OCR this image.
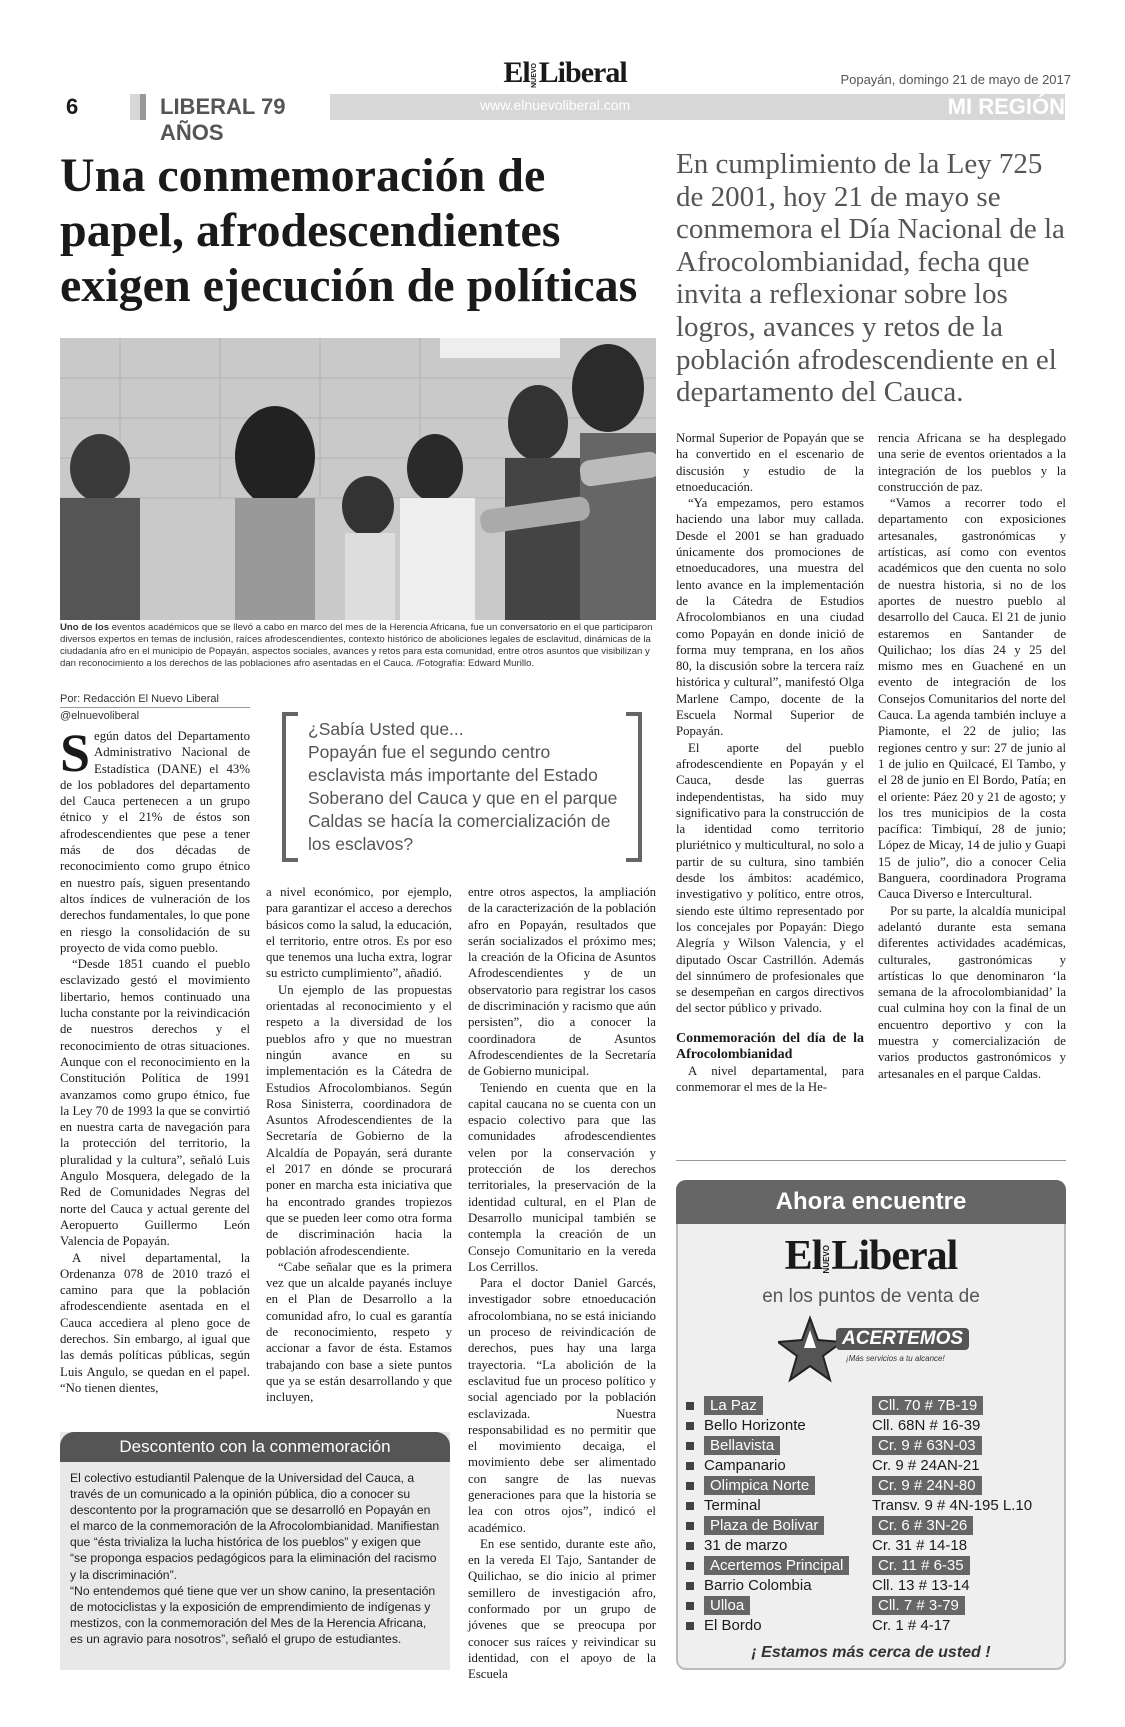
ElNUEVOLiberal	Popayán, domingo 21 de mayo de 2017
6	LIBERAL 79 AÑOS
www.elnuevoliberal.com	MI REGIÓN
Una conmemoración de papel, afrodescendientes exigen ejecución de políticas
En cumplimiento de la Ley 725 de 2001, hoy 21 de mayo se conmemora el Día Nacional de la Afrocolombianidad, fecha que invita a reflexionar sobre los logros, avances y retos de la población afrodescendiente en el departamento del Cauca.
Uno de los eventos académicos que se llevó a cabo en marco del mes de la Herencia Africana, fue un conversatorio en el que participaron diversos expertos en temas de inclusión, raíces afrodescendientes, contexto histórico de aboliciones legales de esclavitud, dinámicas de la ciudadanía afro en el municipio de Popayán, aspectos sociales, avances y retos para esta comunidad, entre otros asuntos que visibilizan y dan reconocimiento a los derechos de las poblaciones afro asentadas en el Cauca. /Fotografía: Edward Murillo.
Por: Redacción El Nuevo Liberal
@elnuevoliberal

Según datos del Departamento Administrativo Nacional de Estadística (DANE) el 43% de los pobladores del departamento del Cauca pertenecen a un grupo étnico y el 21% de éstos son afrodescendientes que pese a tener más de dos décadas de reconocimiento como grupo étnico en nuestro país, siguen presentando altos índices de vulneración de los derechos fundamentales, lo que pone en riesgo la consolidación de su proyecto de vida como pueblo.

“Desde 1851 cuando el pueblo esclavizado gestó el movimiento libertario, hemos continuado una lucha constante por la reivindicación de nuestros derechos y el reconocimiento de otras situaciones. Aunque con el reconocimiento en la Constitución Política de 1991 avanzamos como grupo étnico, fue la Ley 70 de 1993 la que se convirtió en nuestra carta de navegación para la protección del territorio, la pluralidad y la cultura”, señaló Luis Angulo Mosquera, delegado de la Red de Comunidades Negras del norte del Cauca y actual gerente del Aeropuerto Guillermo León Valencia de Popayán.

A nivel departamental, la Ordenanza 078 de 2010 trazó el camino para que la población afrodescendiente asentada en el Cauca accediera al pleno goce de derechos. Sin embargo, al igual que las demás políticas públicas, según Luis Angulo, se quedan en el papel. “No tienen dientes,

¿Sabía Usted que...
Popayán fue el segundo centro esclavista más importante del Estado Soberano del Cauca y que en el parque Caldas se hacía la comercialización de los esclavos?

a nivel económico, por ejemplo, para garantizar el acceso a derechos básicos como la salud, la educación, el territorio, entre otros. Es por eso que tenemos una lucha extra, lograr su estricto cumplimiento”, añadió.

Un ejemplo de las propuestas orientadas al reconocimiento y el respeto a la diversidad de los pueblos afro y que no muestran ningún avance en su implementación es la Cátedra de Estudios Afrocolombianos. Según Rosa Sinisterra, coordinadora de Asuntos Afrodescendientes de la Secretaría de Gobierno de la Alcaldía de Popayán, será durante el 2017 en dónde se procurará poner en marcha esta iniciativa que ha encontrado grandes tropiezos que se pueden leer como otra forma de discriminación hacia la población afrodescendiente.

“Cabe señalar que es la primera vez que un alcalde payanés incluye en el Plan de Desarrollo a la comunidad afro, lo cual es garantía de reconocimiento, respeto y accionar a favor de ésta. Estamos trabajando con base a siete puntos que ya se están desarrollando y que incluyen,

entre otros aspectos, la ampliación de la caracterización de la población afro en Popayán, resultados que serán socializados el próximo mes; la creación de la Oficina de Asuntos Afrodescendientes y de un observatorio para registrar los casos de discriminación y racismo que aún persisten”, dio a conocer la coordinadora de Asuntos Afrodescendientes de la Secretaría de Gobierno municipal.

Teniendo en cuenta que en la capital caucana no se cuenta con un espacio colectivo para que las comunidades afrodescendientes velen por la conservación y protección de los derechos territoriales, la preservación de la identidad cultural, en el Plan de Desarrollo municipal también se contempla la creación de un Consejo Comunitario en la vereda Los Cerrillos.

Para el doctor Daniel Garcés, investigador sobre etnoeducación afrocolombiana, no se está iniciando un proceso de reivindicación de derechos, pues hay una larga trayectoria. “La abolición de la esclavitud fue un proceso político y social agenciado por la población esclavizada. Nuestra responsabilidad es no permitir que el movimiento decaiga, el movimiento debe ser alimentado con sangre de las nuevas generaciones para que la historia se lea con otros ojos”, indicó el académico.

En ese sentido, durante este año, en la vereda El Tajo, Santander de Quilichao, se dio inicio al primer semillero de investigación afro, conformado por un grupo de jóvenes que se preocupa por conocer sus raíces y reivindicar su identidad, con el apoyo de la Escuela

Descontento con la conmemoración

El colectivo estudiantil Palenque de la Universidad del Cauca, a través de un comunicado a la opinión pública, dio a conocer su descontento por la programación que se desarrolló en Popayán en el marco de la conmemoración de la Afrocolombianidad. Manifiestan que “ésta trivializa la lucha histórica de los pueblos” y exigen que “se proponga espacios pedagógicos para la eliminación del racismo y la discriminación”.

“No entendemos qué tiene que ver un show canino, la presentación de motociclistas y la exposición de emprendimiento de indígenas y mestizos, con la conmemoración del Mes de la Herencia Africana, es un agravio para nosotros”, señaló el grupo de estudiantes.

Normal Superior de Popayán que se ha convertido en el escenario de discusión y estudio de la etnoeducación.

“Ya empezamos, pero estamos haciendo una labor muy callada. Desde el 2001 se han graduado únicamente dos promociones de etnoeducadores, una muestra del lento avance en la implementación de la Cátedra de Estudios Afrocolombianos en una ciudad como Popayán en donde inició de forma muy temprana, en los años 80, la discusión sobre la tercera raíz histórica y cultural”, manifestó Olga Marlene Campo, docente de la Escuela Normal Superior de Popayán.

El aporte del pueblo afrodescendiente en Popayán y el Cauca, desde las guerras independentistas, ha sido muy significativo para la construcción de la identidad como territorio pluriétnico y multicultural, no solo a partir de su cultura, sino también desde los ámbitos: académico, investigativo y político, entre otros, siendo este último representado por los concejales por Popayán: Diego Alegría y Wilson Valencia, y el diputado Oscar Castrillón. Además del sinnúmero de profesionales que se desempeñan en cargos directivos del sector público y privado.

Conmemoración del día de la Afrocolombianidad

A nivel departamental, para conmemorar el mes de la He-

rencia Africana se ha desplegado una serie de eventos orientados a la integración de los pueblos y la construcción de paz.

“Vamos a recorrer todo el departamento con exposiciones artesanales, gastronómicas y artísticas, así como con eventos académicos que den cuenta no solo de nuestra historia, si no de los aportes de nuestro pueblo al desarrollo del Cauca. El 21 de junio estaremos en Santander de Quilichao; los días 24 y 25 del mismo mes en Guachené en un evento de integración de los Consejos Comunitarios del norte del Cauca. La agenda también incluye a Piamonte, el 22 de julio; las regiones centro y sur: 27 de junio al 1 de julio en Quilcacé, El Tambo, y el 28 de junio en El Bordo, Patía; en el oriente: Páez 20 y 21 de agosto; y los tres municipios de la costa pacífica: Timbiquí, 28 de junio; López de Micay, 14 de julio y Guapi 15 de julio”, dio a conocer Celia Banguera, coordinadora Programa Cauca Diverso e Intercultural.

Por su parte, la alcaldía municipal adelantó durante esta semana diferentes actividades académicas, culturales, gastronómicas y artísticas lo que denominaron ‘la semana de la afrocolombianidad’ la cual culmina hoy con la final de un encuentro deportivo y con la muestra y comercialización de varios productos gastronómicos y artesanales en el parque Caldas.

Ahora encuentre
ElNUEVOLiberal
en los puntos de venta de
ACERTEMOS
¡Más servicios a tu alcance!
La Paz	Cll. 70 # 7B-19
Bello Horizonte	Cll. 68N # 16-39
Bellavista	Cr. 9 # 63N-03
Campanario	Cr. 9 # 24AN-21
Olimpica Norte	Cr. 9 # 24N-80
Terminal	Transv. 9 # 4N-195 L.10
Plaza de Bolivar	Cr. 6 # 3N-26
31 de marzo	Cr. 31 # 14-18
Acertemos Principal	Cr. 11 # 6-35
Barrio Colombia	Cll. 13 # 13-14
Ulloa	Cll. 7 # 3-79
El Bordo	Cr. 1 # 4-17
¡ Estamos más cerca de usted !
